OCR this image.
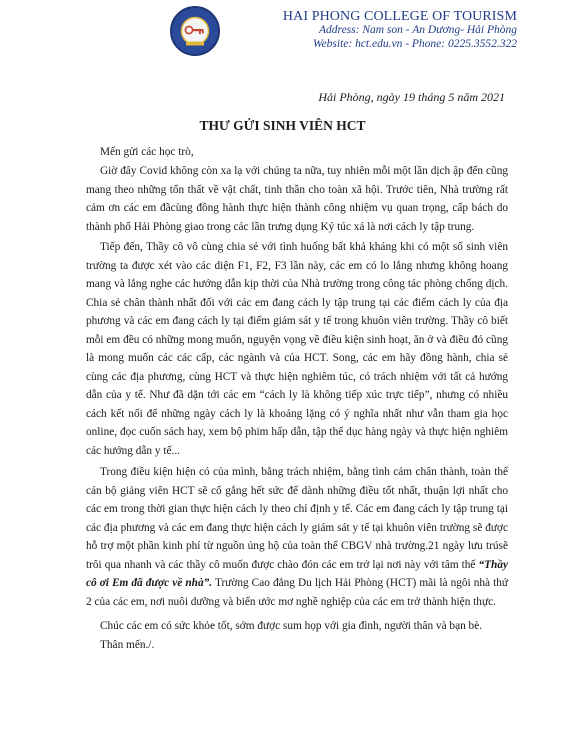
HAI PHONG COLLEGE OF TOURISM
Address: Nam son - An Dương- Hải Phòng
Website: hct.edu.vn - Phone: 0225.3552.322
Hải Phòng, ngày 19 tháng 5 năm 2021
THƯ GỬI SINH VIÊN HCT

Mến gửi các học trò,

Giờ đây Covid không còn xa lạ với chúng ta nữa, tuy nhiên mỗi một lần dịch ập đến cũng mang theo những tổn thất về vật chất, tinh thần cho toàn xã hội. Trước tiên, Nhà trường rất cảm ơn các em đãcùng đồng hành thực hiện thành công nhiệm vụ quan trọng, cấp bách do thành phố Hải Phòng giao trong các lần trưng dụng Ký túc xá là nơi cách ly tập trung.

Tiếp đến, Thầy cô vô cùng chia sẻ với tình huống bất khả kháng khi có một số sinh viên trường ta được xét vào các diện F1, F2, F3 lần này, các em có lo lắng nhưng không hoang mang và lắng nghe các hướng dẫn kịp thời của Nhà trường trong công tác phòng chống dịch. Chia sẻ chân thành nhất đối với các em đang cách ly tập trung tại các điểm cách ly của địa phương và các em đang cách ly tại điểm giám sát y tế trong khuôn viên trường. Thầy cô biết mỗi em đều có những mong muốn, nguyện vọng về điều kiện sinh hoạt, ăn ở và điều đó cũng là mong muốn các các cấp, các ngành và của HCT. Song, các em hãy đồng hành, chia sẻ cùng các địa phương, cùng HCT và thực hiện nghiêm túc, có trách nhiệm với tất cả hướng dẫn của y tế. Như đã dặn tới các em “cách ly là không tiếp xúc trực tiếp”, nhưng có nhiều cách kết nối để những ngày cách ly là khoảng lặng có ý nghĩa nhất như vẫn tham gia học online, đọc cuốn sách hay, xem bộ phim hấp dẫn, tập thể dục hàng ngày và thực hiện nghiêm các hướng dẫn y tế...

Trong điều kiện hiện có của mình, bằng trách nhiệm, bằng tình cảm chân thành, toàn thể cán bộ giảng viên HCT sẽ cố gắng hết sức để dành những điều tốt nhất, thuận lợi nhất cho các em trong thời gian thực hiện cách ly theo chỉ định y tế. Các em đang cách ly tập trung tại các địa phương và các em đang thực hiện cách ly giám sát y tế tại khuôn viên trường sẽ được hỗ trợ một phần kinh phí từ nguồn ủng hộ của toàn thể CBGV nhà trường.21 ngày lưu trúsẽ trôi qua nhanh và các thầy cô muốn được chào đón các em trở lại nơi này với tâm thế “Thầy cô ơi Em đã được về nhà”. Trường Cao đẳng Du lịch Hải Phòng (HCT) mãi là ngôi nhà thứ 2 của các em, nơi nuôi dưỡng và biến ước mơ nghề nghiệp của các em trở thành hiện thực.

Chúc các em có sức khỏe tốt, sớm được sum họp với gia đình, người thân và bạn bè.

Thân mến./.
